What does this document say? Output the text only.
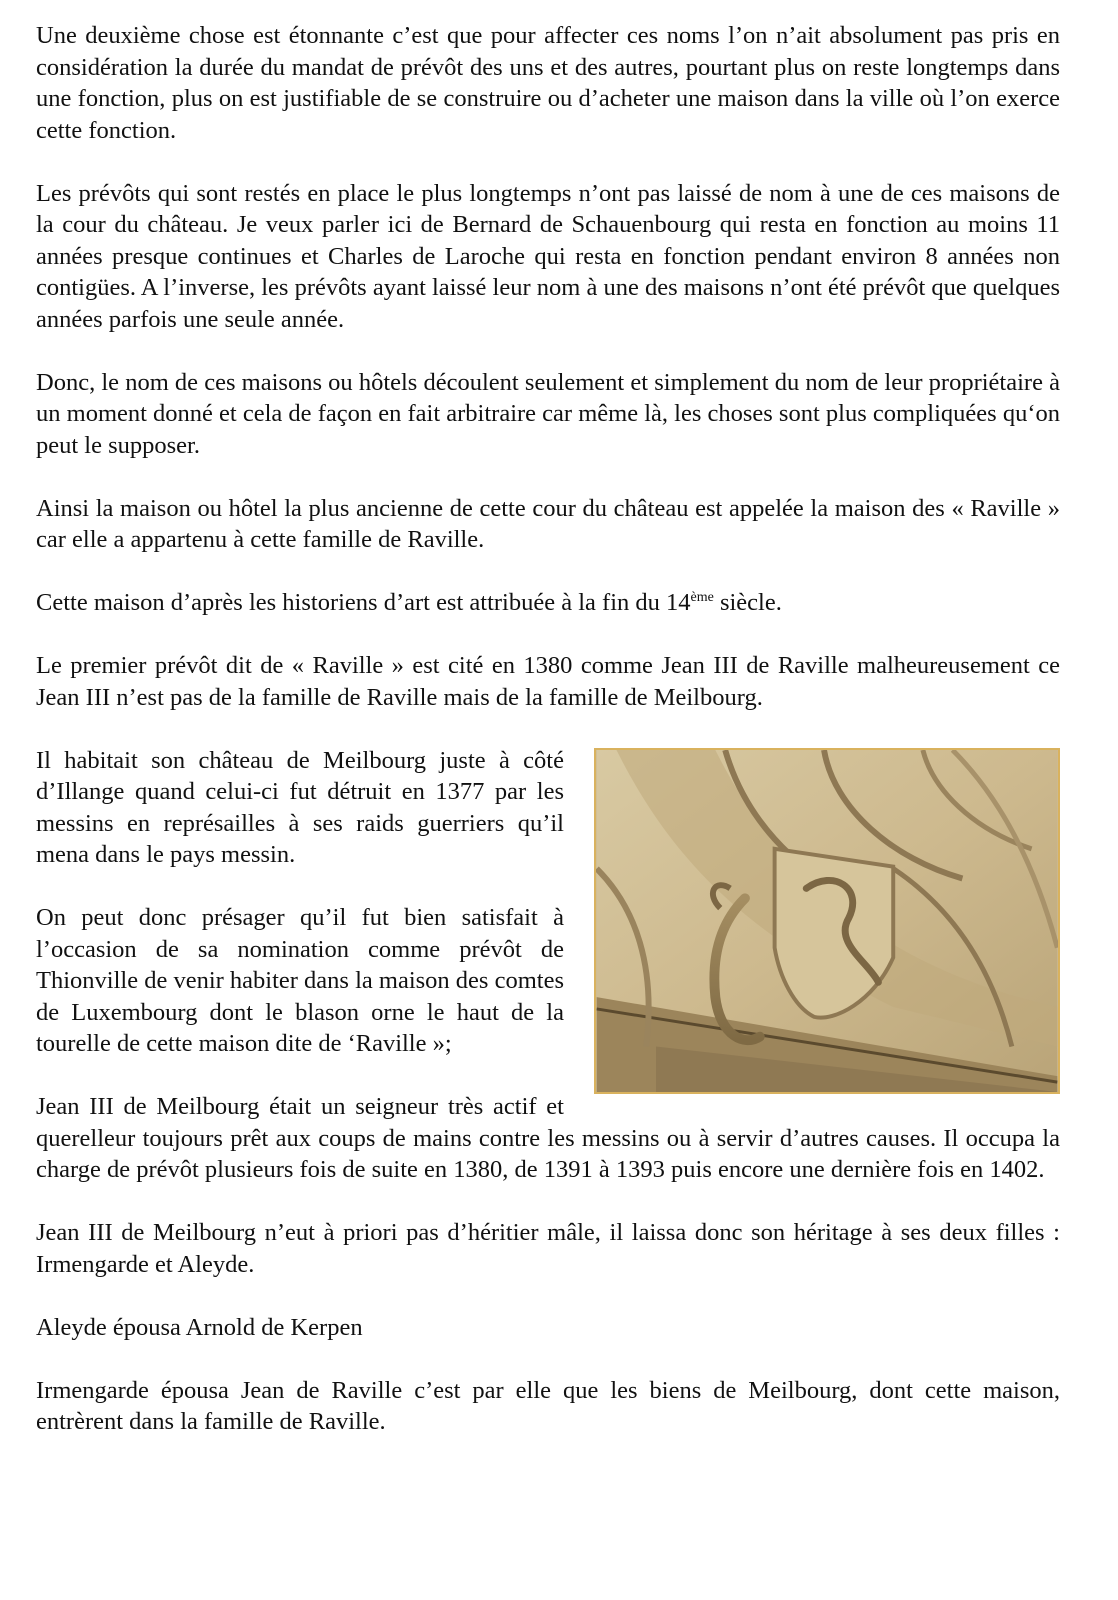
Une deuxième chose est étonnante c’est que pour affecter ces noms l’on n’ait absolument pas pris en considération la durée du mandat de prévôt des uns et des autres, pourtant plus on reste longtemps dans une fonction, plus on est justifiable de se construire ou d’acheter une maison dans la ville où l’on exerce cette fonction.

Les prévôts qui sont restés en place le plus longtemps n’ont pas laissé de nom à une de ces maisons de la cour du château. Je veux parler ici de Bernard de Schauenbourg qui resta en fonction au moins 11 années presque continues et Charles de Laroche qui resta en fonction pendant environ 8 années non contigües. A l’inverse, les prévôts ayant laissé leur nom à une des maisons n’ont été prévôt que quelques années parfois une seule année.

Donc, le nom de ces maisons ou hôtels découlent seulement et simplement du nom de leur propriétaire à un moment donné et cela de façon en fait arbitraire car même là, les choses sont plus compliquées qu‘on peut le supposer.

Ainsi la maison ou hôtel la plus ancienne de cette cour du château est appelée la maison des « Raville » car elle a appartenu à cette famille de Raville.

Cette maison d’après les historiens d’art est attribuée à la fin du 14ème siècle.

Le premier prévôt dit de « Raville » est cité en 1380 comme Jean III de Raville malheureusement ce Jean III n’est pas de la famille de Raville mais de la famille de Meilbourg.

Il habitait son château de Meilbourg juste à côté d’Illange quand celui-ci fut détruit en 1377 par les messins en représailles à ses raids guerriers qu’il mena dans le pays messin.

On peut donc présager qu’il fut bien satisfait à l’occasion de sa nomination comme prévôt de Thionville de venir habiter dans la maison des comtes de Luxembourg dont le blason orne le haut de la tourelle de cette maison dite de ‘Raville »;

Jean III de Meilbourg était un seigneur très actif et querelleur toujours prêt aux coups de mains contre les messins ou à servir d’autres causes. Il occupa la charge de prévôt plusieurs fois de suite en 1380, de 1391 à 1393 puis encore une dernière fois en 1402.

Jean III de Meilbourg n’eut à priori pas d’héritier mâle, il laissa donc son héritage à ses deux filles : Irmengarde et Aleyde.

Aleyde épousa Arnold de Kerpen

Irmengarde épousa Jean de Raville c’est par elle que les biens de Meilbourg, dont cette maison, entrèrent dans la famille de Raville.
